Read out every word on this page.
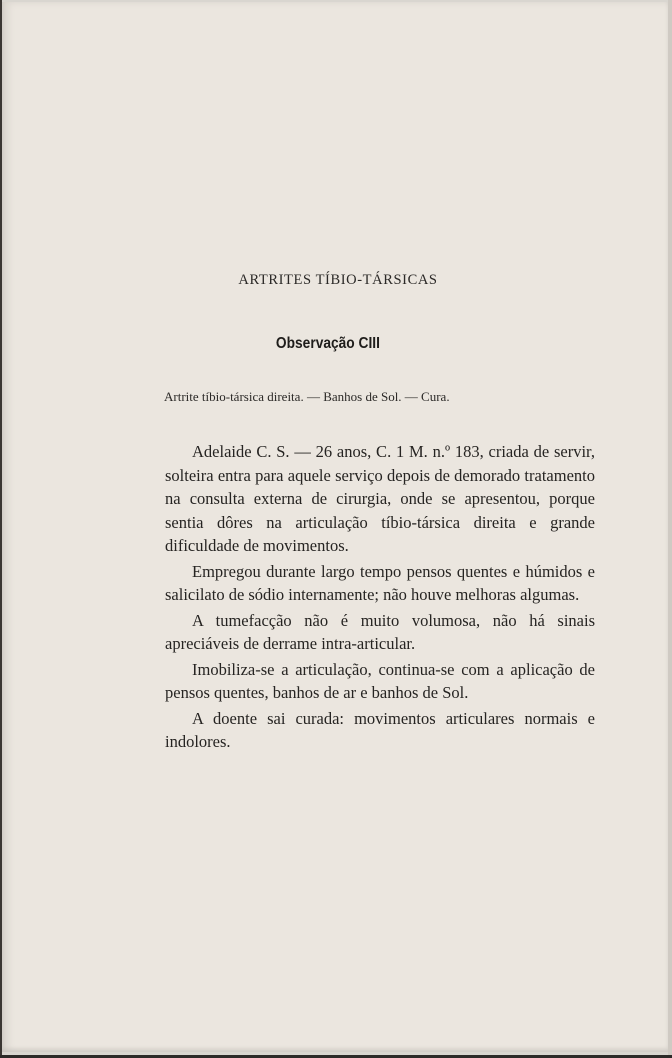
ARTRITES TÍBIO-TÁRSICAS
Observação CIII
Artrite tíbio-társica direita. — Banhos de Sol. — Cura.

Adelaide C. S. — 26 anos, C. 1 M. n.º 183, criada de servir, solteira entra para aquele serviço depois de demorado tratamento na consulta externa de cirurgia, onde se apresentou, porque sentia dôres na articulação tíbio-társica direita e grande dificuldade de movimentos.

Empregou durante largo tempo pensos quentes e húmidos e salicilato de sódio internamente; não houve melhoras algumas.

A tumefacção não é muito volumosa, não há sinais apreciáveis de derrame intra-articular.

Imobiliza-se a articulação, continua-se com a aplicação de pensos quentes, banhos de ar e banhos de Sol.

A doente sai curada: movimentos articulares normais e indolores.
